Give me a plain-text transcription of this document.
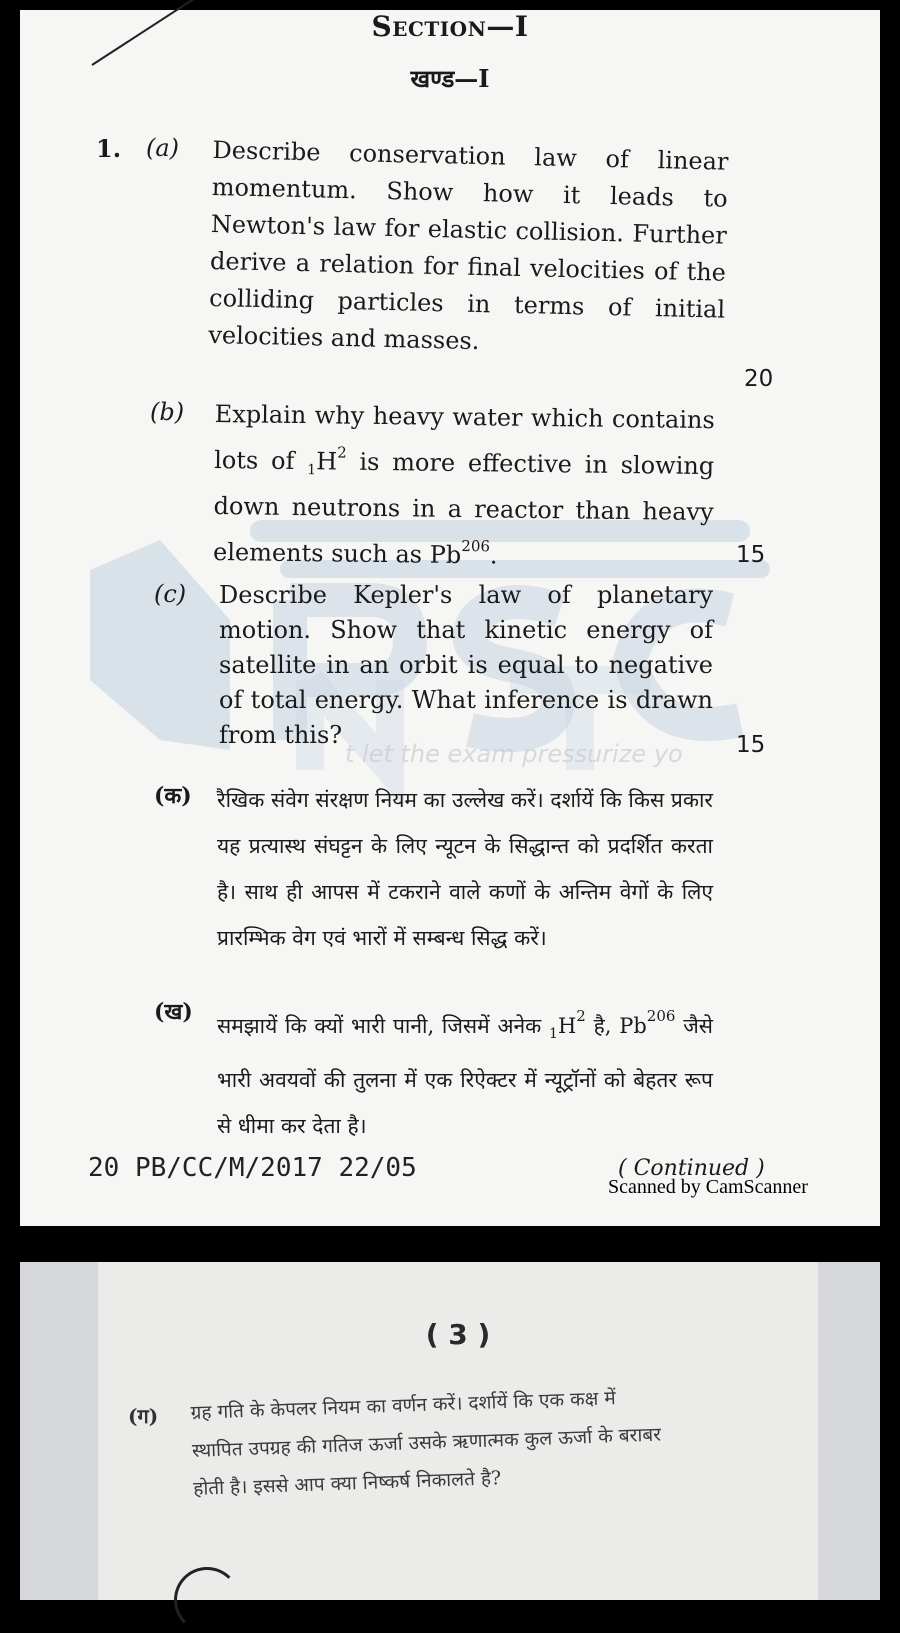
Section—I
खण्ड—I
t let the exam pressurize yo
1. (a) Describe conservation law of linear momentum. Show how it leads to Newton's law for elastic collision. Further derive a relation for final velocities of the colliding particles in terms of initial velocities and masses.

20
(b) Explain why heavy water which contains lots of $_1H^2$ is more effective in slowing down neutrons in a reactor than heavy elements such as Pb$^{206}$.	15
(c) Describe Kepler's law of planetary motion. Show that kinetic energy of satellite in an orbit is equal to negative of total energy. What inference is drawn from this?	15
(क) रैखिक संवेग संरक्षण नियम का उल्लेख करें। दर्शायें कि किस प्रकार यह प्रत्यास्थ संघट्टन के लिए न्यूटन के सिद्धान्त को प्रदर्शित करता है। साथ ही आपस में टकराने वाले कणों के अन्तिम वेगों के लिए प्रारम्भिक वेग एवं भारों में सम्बन्ध सिद्ध करें।

(ख)

समझायें कि क्यों भारी पानी, जिसमें अनेक $_1H^2$ है, Pb$^{206}$ जैसे भारी अवयवों की तुलना में एक रिऐक्टर में न्यूट्रॉनों को बेहतर रूप से धीमा कर देता है।

20 PB/CC/M/2017 22/05	( Continued )
Scanned by CamScanner
( 3 )
(ग) ग्रह गति के केपलर नियम का वर्णन करें। दर्शायें कि एक कक्ष में स्थापित उपग्रह की गतिज ऊर्जा उसके ऋणात्मक कुल ऊर्जा के बराबर होती है। इससे आप क्या निष्कर्ष निकालते है?
